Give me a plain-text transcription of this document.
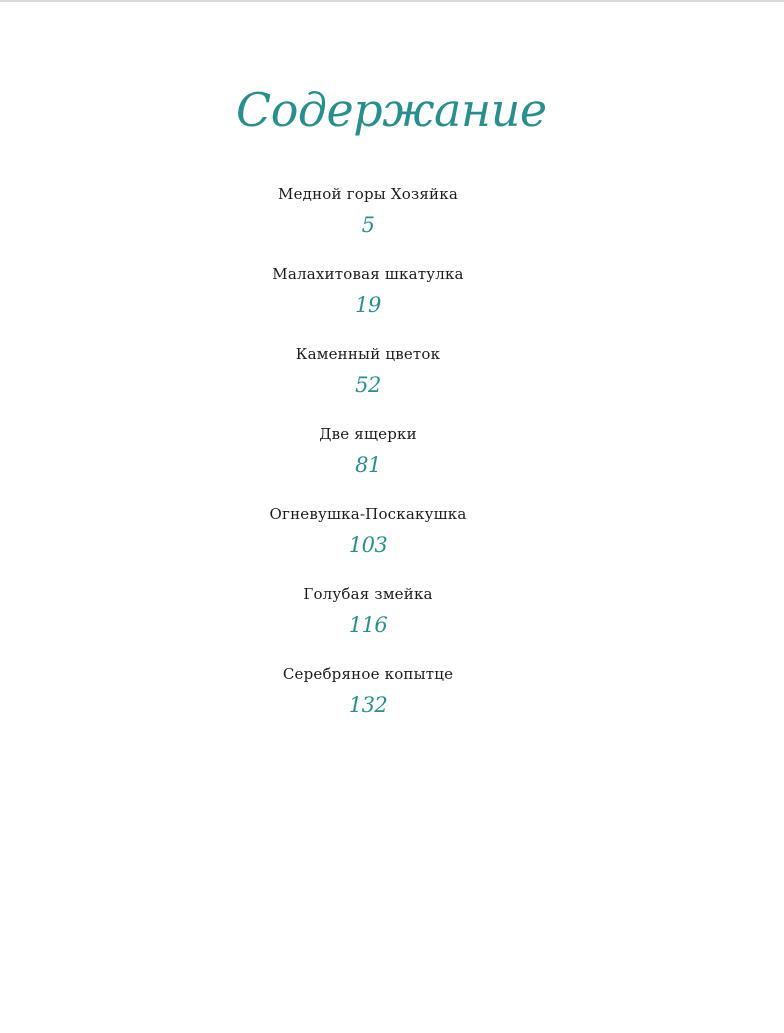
Содержание
Медной горы Хозяйка
5
Малахитовая шкатулка
19
Каменный цветок
52
Две ящерки
81
Огневушка-Поскакушка
103
Голубая змейка
116
Серебряное копытце
132
